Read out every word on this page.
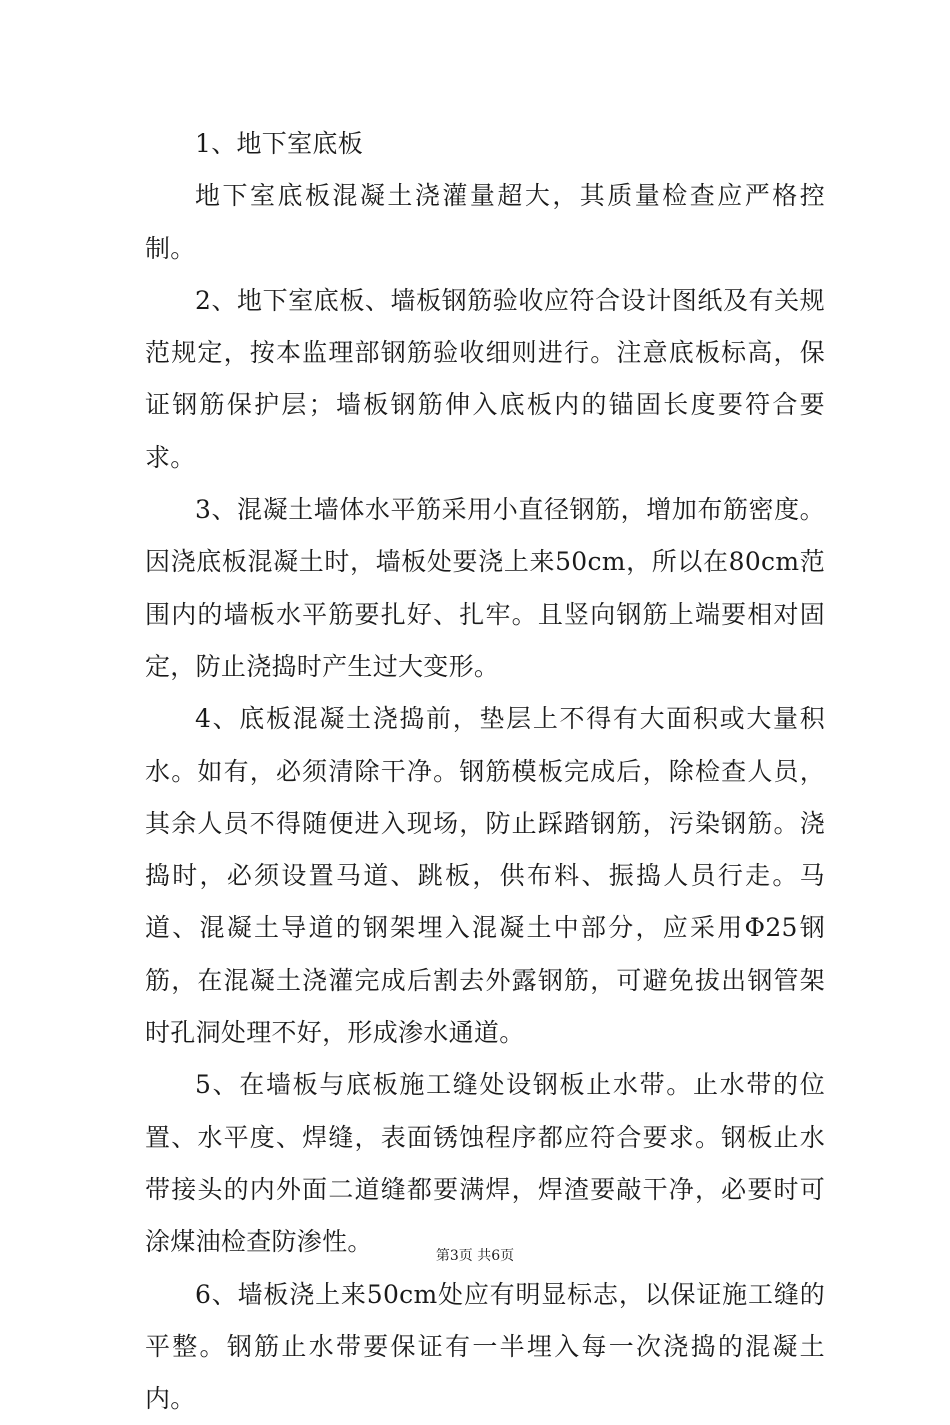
1、地下室底板

地下室底板混凝土浇灌量超大，其质量检查应严格控制。

2、地下室底板、墙板钢筋验收应符合设计图纸及有关规范规定，按本监理部钢筋验收细则进行。注意底板标高，保证钢筋保护层；墙板钢筋伸入底板内的锚固长度要符合要求。

3、混凝土墙体水平筋采用小直径钢筋，增加布筋密度。因浇底板混凝土时，墙板处要浇上来50cm，所以在80cm范围内的墙板水平筋要扎好、扎牢。且竖向钢筋上端要相对固定，防止浇捣时产生过大变形。

4、底板混凝土浇捣前，垫层上不得有大面积或大量积水。如有，必须清除干净。钢筋模板完成后，除检查人员，其余人员不得随便进入现场，防止踩踏钢筋，污染钢筋。浇捣时，必须设置马道、跳板，供布料、振捣人员行走。马道、混凝土导道的钢架埋入混凝土中部分，应采用Φ25钢筋，在混凝土浇灌完成后割去外露钢筋，可避免拔出钢管架时孔洞处理不好，形成渗水通道。

5、在墙板与底板施工缝处设钢板止水带。止水带的位置、水平度、焊缝，表面锈蚀程序都应符合要求。钢板止水带接头的内外面二道缝都要满焊，焊渣要敲干净，必要时可涂煤油检查防渗性。

6、墙板浇上来50cm处应有明显标志，以保证施工缝的平整。钢筋止水带要保证有一半埋入每一次浇捣的混凝土内。

第3页 共6页
